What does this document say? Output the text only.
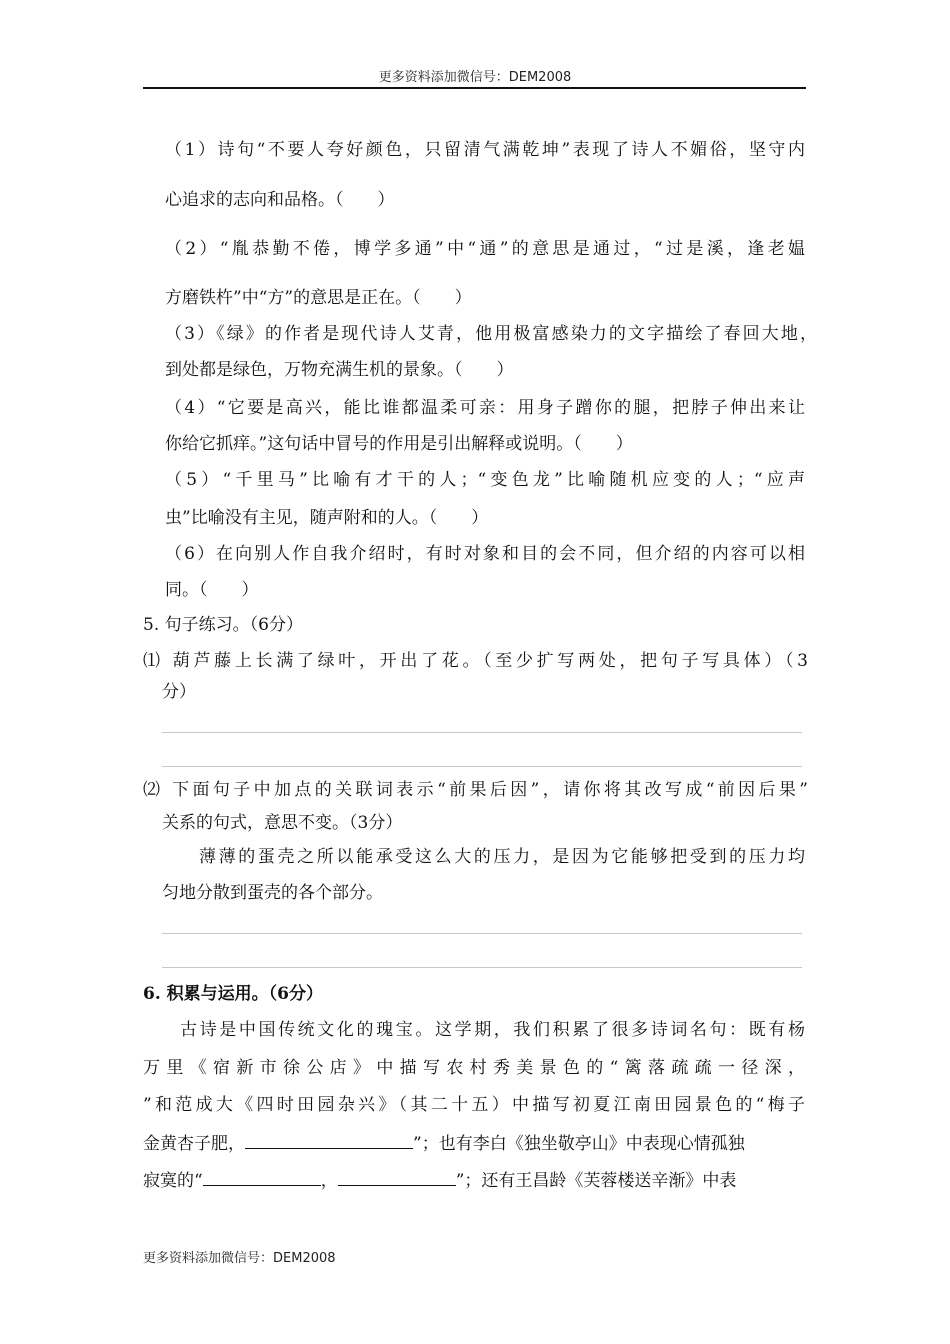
更多资料添加微信号：DEM2008
（1）诗句“不要人夸好颜色，只留清气满乾坤”表现了诗人不媚俗，坚守内
心追求的志向和品格。（　　）
（2）“胤恭勤不倦，博学多通”中“通”的意思是通过，“过是溪，逢老媪
方磨铁杵”中“方”的意思是正在。（　　）
（3）《绿》的作者是现代诗人艾青，他用极富感染力的文字描绘了春回大地，
到处都是绿色，万物充满生机的景象。（　　）
（4）“它要是高兴，能比谁都温柔可亲：用身子蹭你的腿，把脖子伸出来让
你给它抓痒。”这句话中冒号的作用是引出解释或说明。（　　）
（5）“千里马”比喻有才干的人；“变色龙”比喻随机应变的人；“应声
虫”比喻没有主见，随声附和的人。（　　）
（6）在向别人作自我介绍时，有时对象和目的会不同，但介绍的内容可以相
同。（　　）
5. 句子练习。（6分）
⑴ 葫芦藤上长满了绿叶，开出了花。（至少扩写两处，把句子写具体）（3
分）
⑵ 下面句子中加点的关联词表示“前果后因”，请你将其改写成“前因后果”
关系的句式，意思不变。（3分）
薄薄的蛋壳之所以能承受这么大的压力，是因为它能够把受到的压力均
匀地分散到蛋壳的各个部分。
6. 积累与运用。（6分）
古诗是中国传统文化的瑰宝。这学期，我们积累了很多诗词名句：既有杨
万里《宿新市徐公店》中描写农村秀美景色的“篱落疏疏一径深，
”和范成大《四时田园杂兴》（其二十五）中描写初夏江南田园景色的“梅子
金黄杏子肥，	”；也有李白《独坐敬亭山》中表现心情孤独
寂寞的“	，	”；还有王昌龄《芙蓉楼送辛渐》中表
更多资料添加微信号：DEM2008
